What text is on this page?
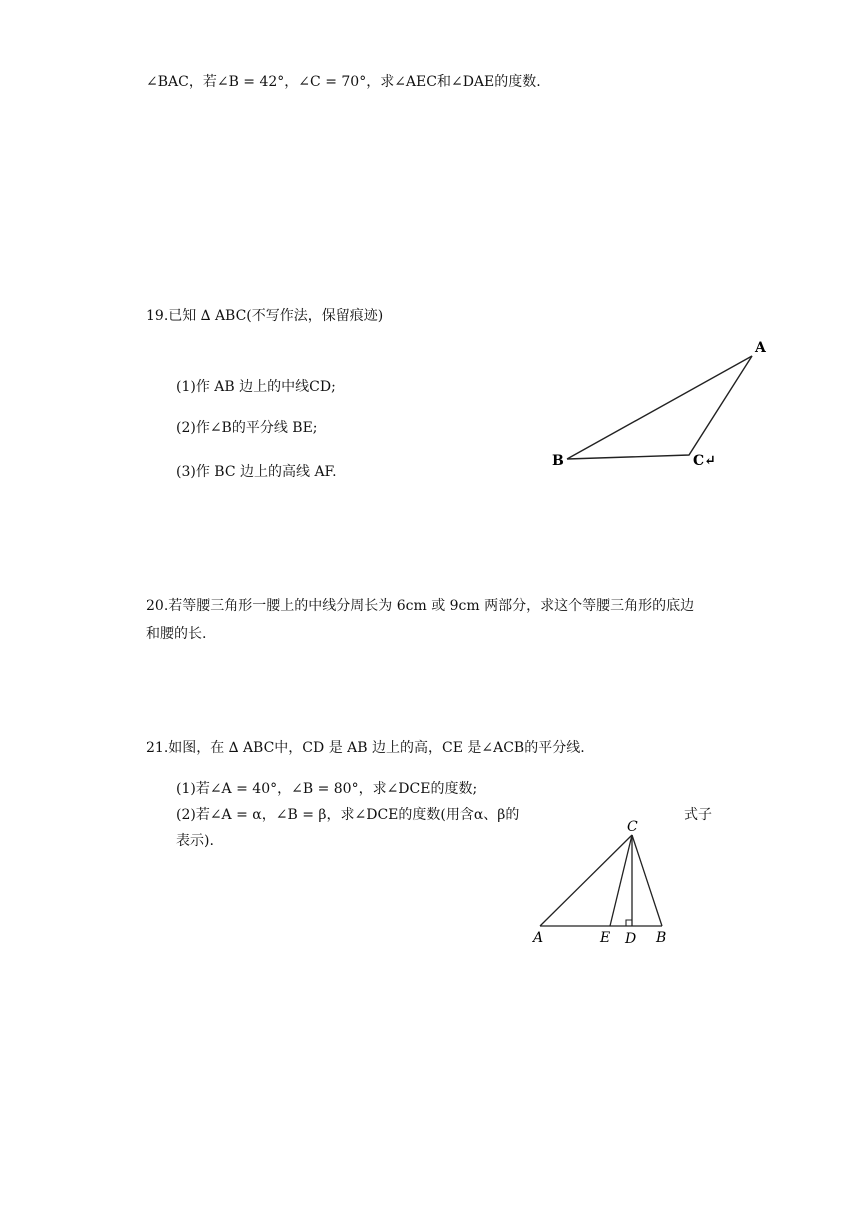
∠BAC，若∠B = 42°，∠C = 70°，求∠AEC和∠DAE的度数.
19.已知 ∆ ABC(不写作法，保留痕迹)
(1)作 AB 边上的中线CD;
(2)作∠B的平分线 BE;
(3)作 BC 边上的高线 AF.
A
B	C↵
20.若等腰三角形一腰上的中线分周长为 6cm 或 9cm 两部分，求这个等腰三角形的底边
和腰的长.
21.如图，在 ∆ ABC中，CD 是 AB 边上的高，CE 是∠ACB的平分线.
(1)若∠A = 40°，∠B = 80°，求∠DCE的度数;
(2)若∠A = α，∠B = β，求∠DCE的度数(用含α、β的	式子
表示).
C
A	E D B
